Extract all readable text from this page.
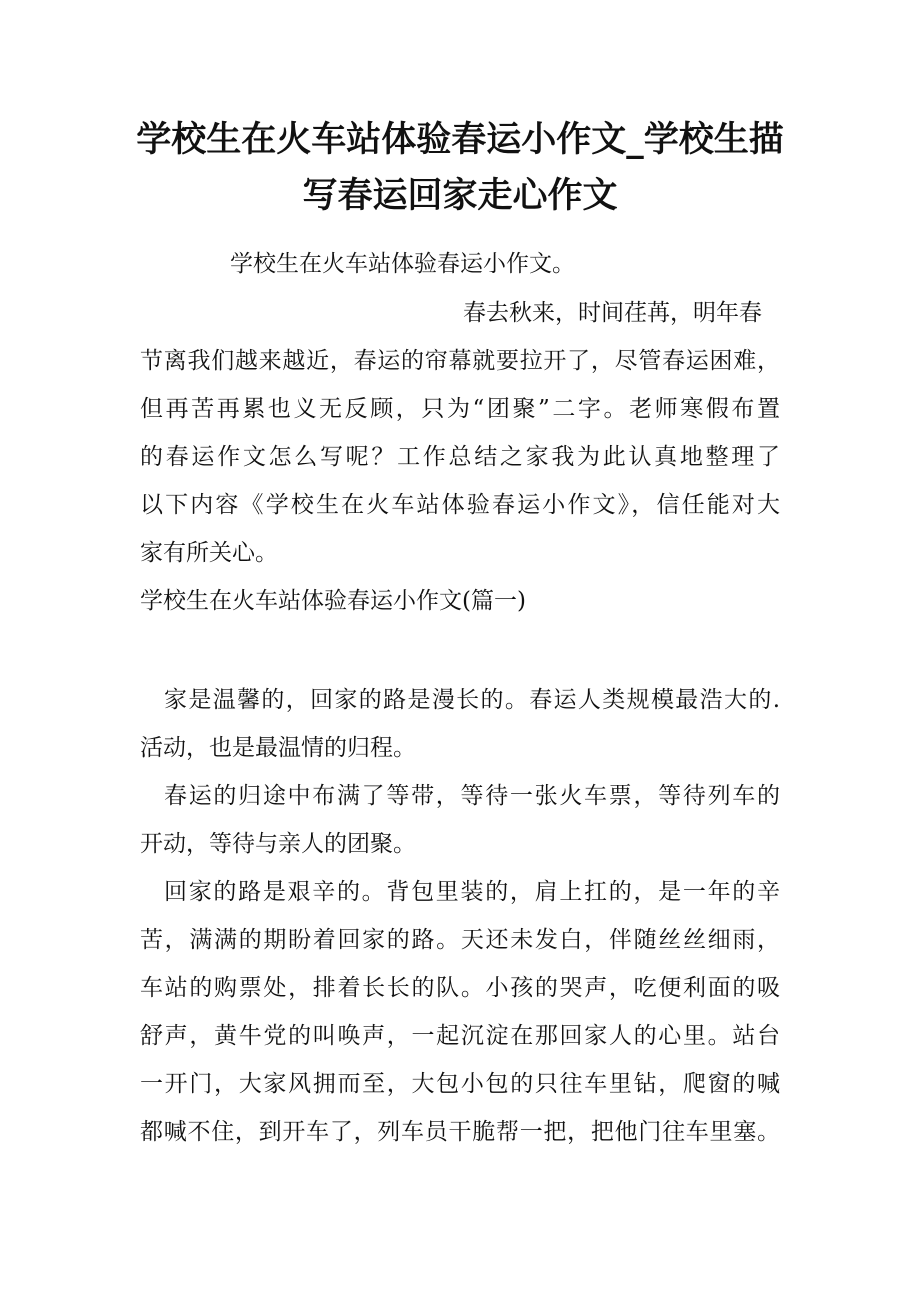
学校生在火车站体验春运小作文_学校生描
写春运回家走心作文

学校生在火车站体验春运小作文。

春去秋来，时间荏苒，明年春

节离我们越来越近，春运的帘幕就要拉开了，尽管春运困难，

但再苦再累也义无反顾，只为“团聚”二字。老师寒假布置

的春运作文怎么写呢？工作总结之家我为此认真地整理了

以下内容《学校生在火车站体验春运小作文》，信任能对大

家有所关心。

学校生在火车站体验春运小作文(篇一)

家是温馨的，回家的路是漫长的。春运人类规模最浩大的.

活动，也是最温情的归程。

春运的归途中布满了等带，等待一张火车票，等待列车的

开动，等待与亲人的团聚。

回家的路是艰辛的。背包里装的，肩上扛的，是一年的辛

苦，满满的期盼着回家的路。天还未发白，伴随丝丝细雨，

车站的购票处，排着长长的队。小孩的哭声，吃便利面的吸

舒声，黄牛党的叫唤声，一起沉淀在那回家人的心里。站台

一开门，大家风拥而至，大包小包的只往车里钻，爬窗的喊

都喊不住，到开车了，列车员干脆帮一把，把他门往车里塞。
